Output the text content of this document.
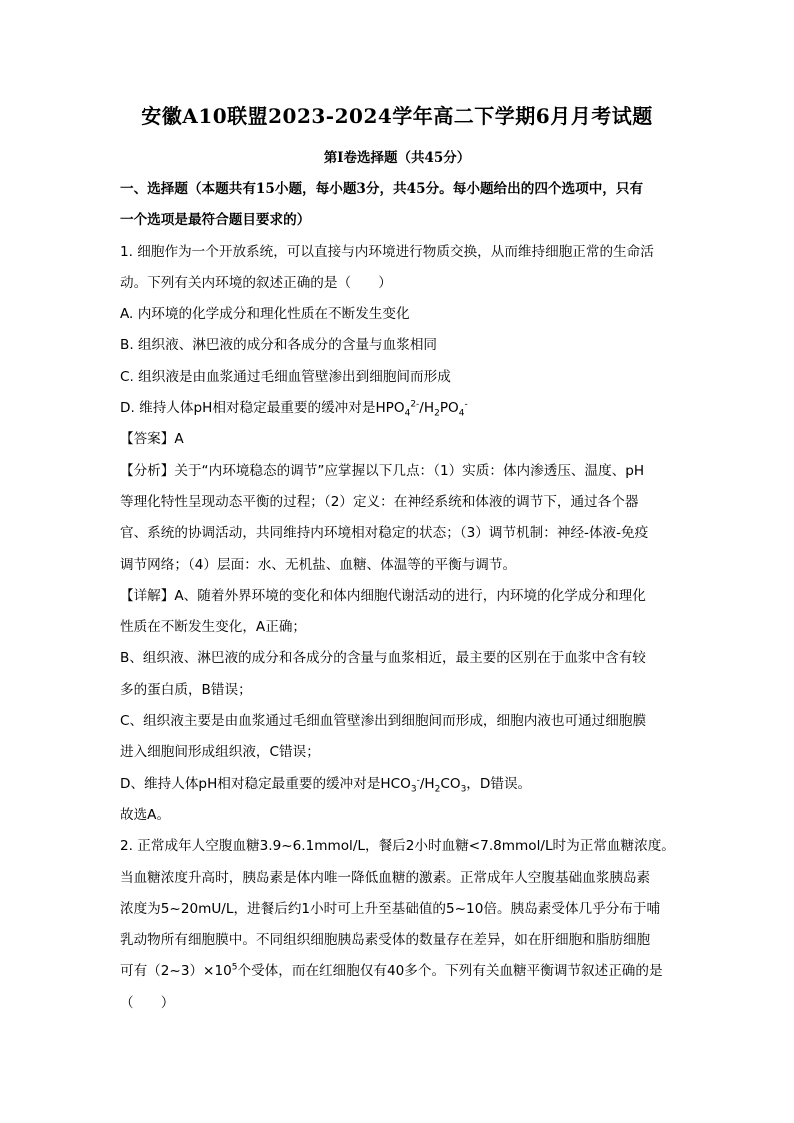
安徽A10联盟2023-2024学年高二下学期6月月考试题
第I卷选择题（共45分）
一、选择题（本题共有15小题，每小题3分，共45分。每小题给出的四个选项中，只有
一个选项是最符合题目要求的）
1. 细胞作为一个开放系统，可以直接与内环境进行物质交换，从而维持细胞正常的生命活
动。下列有关内环境的叙述正确的是（　　）
A. 内环境的化学成分和理化性质在不断发生变化
B. 组织液、淋巴液的成分和各成分的含量与血浆相同
C. 组织液是由血浆通过毛细血管壁渗出到细胞间而形成
D. 维持人体pH相对稳定最重要的缓冲对是$HPO_4^{2-}/H_2PO_4^-$
【答案】A
【分析】关于“内环境稳态的调节”应掌握以下几点：（1）实质：体内渗透压、温度、pH
等理化特性呈现动态平衡的过程；（2）定义：在神经系统和体液的调节下，通过各个器
官、系统的协调活动，共同维持内环境相对稳定的状态；（3）调节机制：神经-体液-免疫
调节网络；（4）层面：水、无机盐、血糖、体温等的平衡与调节。
【详解】A、随着外界环境的变化和体内细胞代谢活动的进行，内环境的化学成分和理化
性质在不断发生变化，A正确；
B、组织液、淋巴液的成分和各成分的含量与血浆相近，最主要的区别在于血浆中含有较
多的蛋白质，B错误；
C、组织液主要是由血浆通过毛细血管壁渗出到细胞间而形成，细胞内液也可通过细胞膜
进入细胞间形成组织液，C错误；
D、维持人体pH相对稳定最重要的缓冲对是$HCO_3^-/H_2CO_3$，D错误。
故选A。
2. 正常成年人空腹血糖3.9~6.1mmol/L，餐后2小时血糖<7.8mmol/L时为正常血糖浓度。
当血糖浓度升高时，胰岛素是体内唯一降低血糖的激素。正常成年人空腹基础血浆胰岛素
浓度为5~20mU/L，进餐后约1小时可上升至基础值的5~10倍。胰岛素受体几乎分布于哺
乳动物所有细胞膜中。不同组织细胞胰岛素受体的数量存在差异，如在肝细胞和脂肪细胞
可有$(2\sim 3)\times 10^5$个受体，而在红细胞仅有40多个。下列有关血糖平衡调节叙述正确的是
（　　）
